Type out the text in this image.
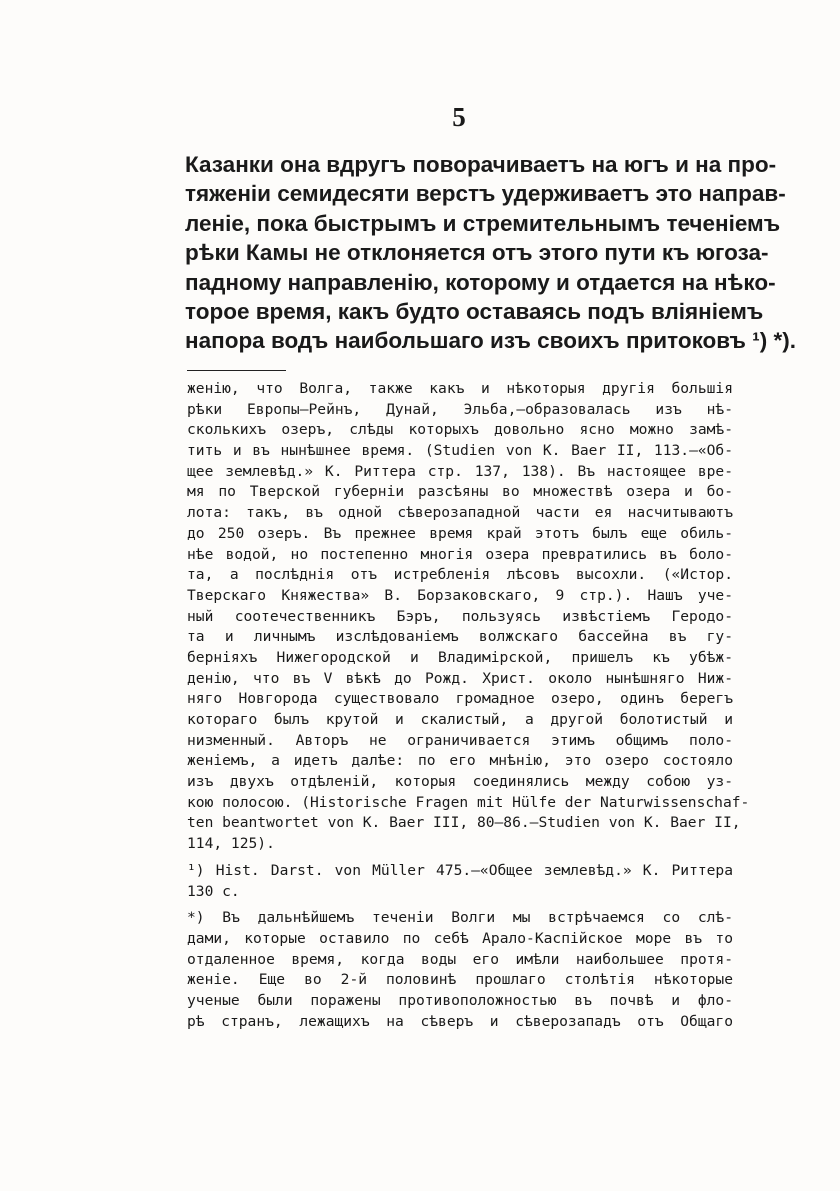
5
Казанки она вдругъ поворачиваетъ на югъ и на про-
тяженіи семидесяти верстъ удерживаетъ это направ-
леніе, пока быстрымъ и стремительнымъ теченіемъ
рѣки Камы не отклоняется отъ этого пути къ югоза-
падному направленію, которому и отдается на нѣко-
торое время, какъ будто оставаясь подъ вліяніемъ
напора водъ наибольшаго изъ своихъ притоковъ ¹) *).
женію, что Волга, также какъ и нѣкоторыя другія большія
рѣки Европы—Рейнъ, Дунай, Эльба,—образовалась изъ нѣ-
сколькихъ озеръ, слѣды которыхъ довольно ясно можно замѣ-
тить и въ нынѣшнее время. (Studien von K. Baer II, 113.—«Об-
щее землевѣд.» К. Риттера стр. 137, 138). Въ настоящее вре-
мя по Тверской губерніи разсѣяны во множествѣ озера и бо-
лота: такъ, въ одной сѣверозападной части ея насчитываютъ
до 250 озеръ. Въ прежнее время край этотъ былъ еще обиль-
нѣе водой, но постепенно многія озера превратились въ боло-
та, а послѣднія отъ истребленія лѣсовъ высохли. («Истор.
Тверскаго Княжества» В. Борзаковскаго, 9 стр.). Нашъ уче-
ный соотечественникъ Бэръ, пользуясь извѣстіемъ Геродо-
та и личнымъ изслѣдованіемъ волжскаго бассейна въ гу-
берніяхъ Нижегородской и Владимірской, пришелъ къ убѣж-
денію, что въ V вѣкѣ до Рожд. Христ. около нынѣшняго Ниж-
няго Новгорода существовало громадное озеро, одинъ берегъ
котораго былъ крутой и скалистый, а другой болотистый и
низменный. Авторъ не ограничивается этимъ общимъ поло-
женіемъ, а идетъ далѣе: по его мнѣнію, это озеро состояло
изъ двухъ отдѣленій, которыя соединялись между собою уз-
кою полосою. (Historische Fragen mit Hülfe der Naturwissenschaf-
ten beantwortet von K. Baer III, 80—86.—Studien von K. Baer II,
114, 125).
¹) Hist. Darst. von Müller 475.—«Общее землевѣд.» К. Риттера
130 с.
*) Въ дальнѣйшемъ теченіи Волги мы встрѣчаемся со слѣ-
дами, которые оставило по себѣ Арало-Каспійское море въ то
отдаленное время, когда воды его имѣли наибольшее протя-
женіе. Еще во 2-й половинѣ прошлаго столѣтія нѣкоторые
ученые были поражены противоположностью въ почвѣ и фло-
рѣ странъ, лежащихъ на сѣверъ и сѣверозападъ отъ Общаго
